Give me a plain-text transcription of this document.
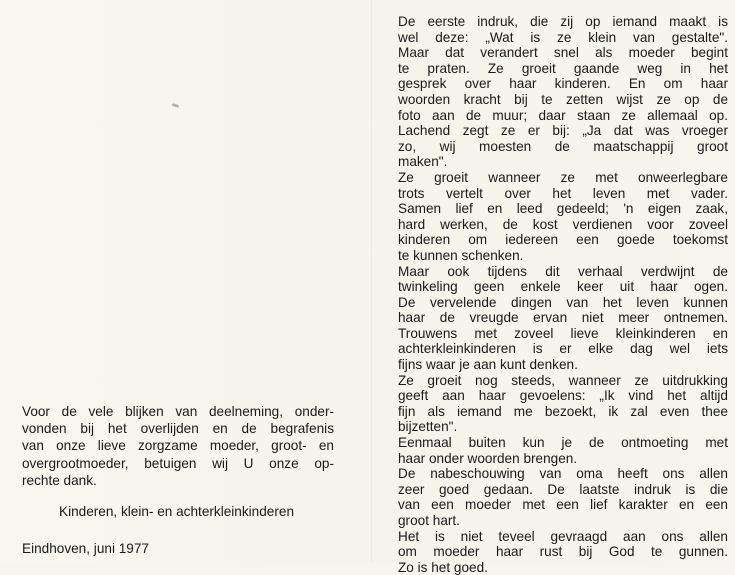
Voor de vele blijken van deelneming, onder-
vonden bij het overlijden en de begrafenis
van onze lieve zorgzame moeder, groot- en
overgrootmoeder, betuigen wij U onze op-
rechte dank.
Kinderen, klein- en achterkleinkinderen
Eindhoven, juni 1977
De eerste indruk, die zij op iemand maakt is
wel deze: „Wat is ze klein van gestalte".
Maar dat verandert snel als moeder begint
te praten. Ze groeit gaande weg in het
gesprek over haar kinderen. En om haar
woorden kracht bij te zetten wijst ze op de
foto aan de muur; daar staan ze allemaal op.
Lachend zegt ze er bij: „Ja dat was vroeger
zo, wij moesten de maatschappij groot
maken".
Ze groeit wanneer ze met onweerlegbare
trots vertelt over het leven met vader.
Samen lief en leed gedeeld; 'n eigen zaak,
hard werken, de kost verdienen voor zoveel
kinderen om iedereen een goede toekomst
te kunnen schenken.
Maar ook tijdens dit verhaal verdwijnt de
twinkeling geen enkele keer uit haar ogen.
De vervelende dingen van het leven kunnen
haar de vreugde ervan niet meer ontnemen.
Trouwens met zoveel lieve kleinkinderen en
achterkleinkinderen is er elke dag wel iets
fijns waar je aan kunt denken.
Ze groeit nog steeds, wanneer ze uitdrukking
geeft aan haar gevoelens: „Ik vind het altijd
fijn als iemand me bezoekt, ik zal even thee
bijzetten".
Eenmaal buiten kun je de ontmoeting met
haar onder woorden brengen.
De nabeschouwing van oma heeft ons allen
zeer goed gedaan. De laatste indruk is die
van een moeder met een lief karakter en een
groot hart.
Het is niet teveel gevraagd aan ons allen
om moeder haar rust bij God te gunnen.
Zo is het goed.
